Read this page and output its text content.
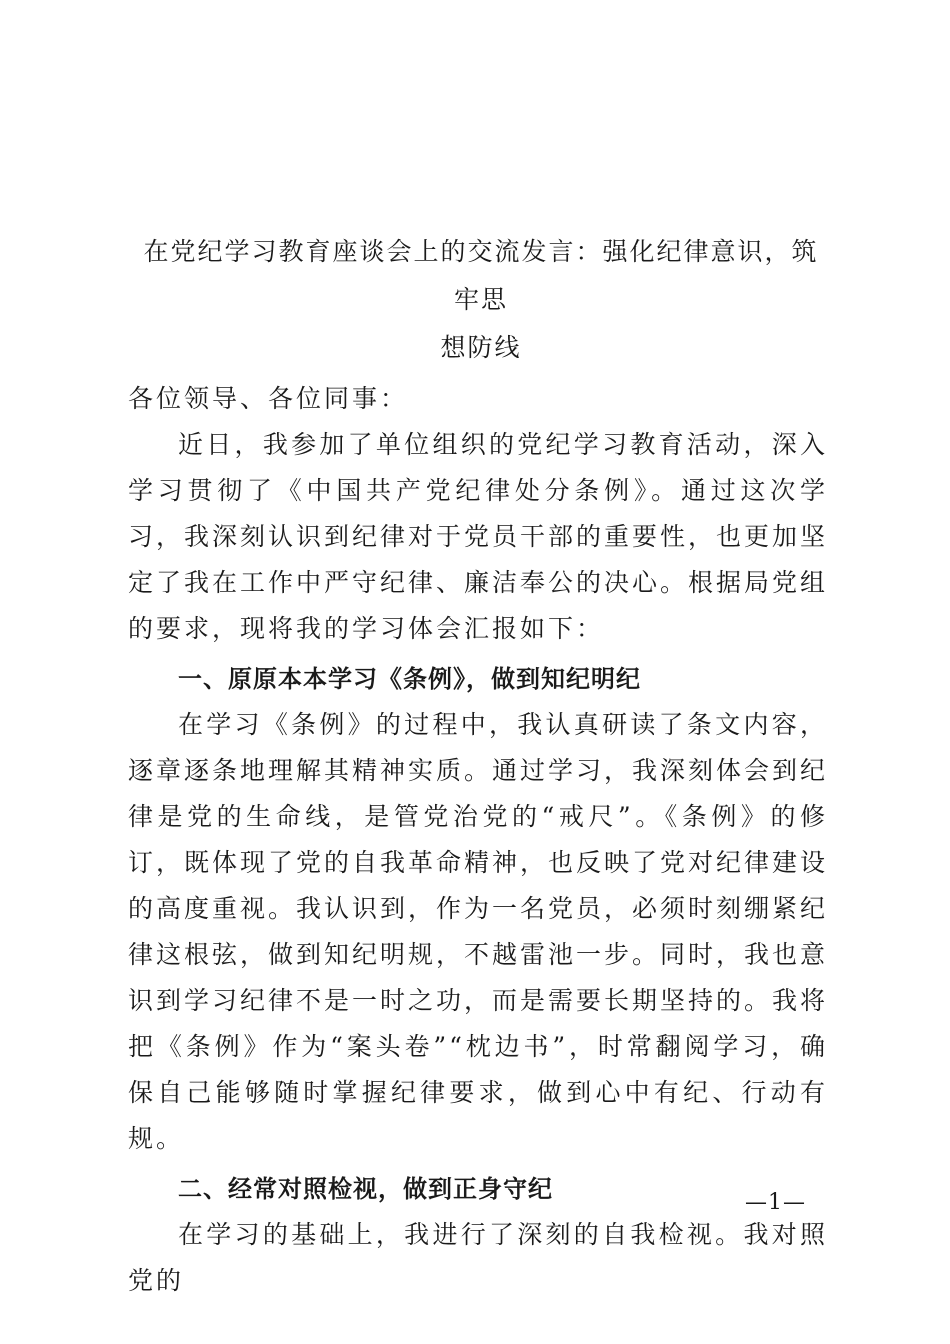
在党纪学习教育座谈会上的交流发言：强化纪律意识，筑牢思
想防线
各位领导、各位同事：

近日，我参加了单位组织的党纪学习教育活动，深入学习贯彻了《中国共产党纪律处分条例》。通过这次学习，我深刻认识到纪律对于党员干部的重要性，也更加坚定了我在工作中严守纪律、廉洁奉公的决心。根据局党组的要求，现将我的学习体会汇报如下：

一、原原本本学习《条例》，做到知纪明纪

在学习《条例》的过程中，我认真研读了条文内容，逐章逐条地理解其精神实质。通过学习，我深刻体会到纪律是党的生命线，是管党治党的“戒尺”。《条例》的修订，既体现了党的自我革命精神，也反映了党对纪律建设的高度重视。我认识到，作为一名党员，必须时刻绷紧纪律这根弦，做到知纪明规，不越雷池一步。同时，我也意识到学习纪律不是一时之功，而是需要长期坚持的。我将把《条例》作为“案头卷”“枕边书”，时常翻阅学习，确保自己能够随时掌握纪律要求，做到心中有纪、行动有规。

二、经常对照检视，做到正身守纪

在学习的基础上，我进行了深刻的自我检视。我对照党的

—1—
